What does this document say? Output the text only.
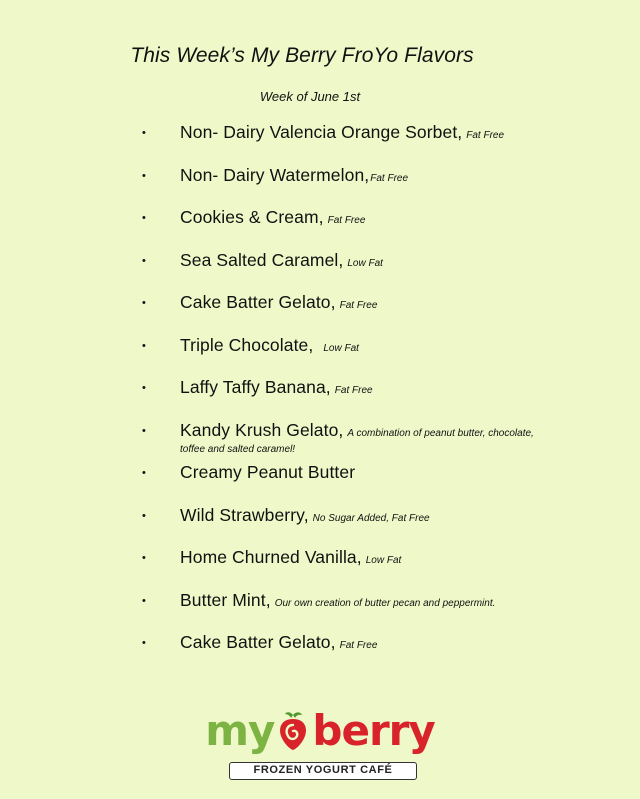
This Week’s My Berry FroYo Flavors
Week of June 1st
• Non- Dairy Valencia Orange Sorbet, Fat Free
• Non- Dairy Watermelon,Fat Free
• Cookies & Cream, Fat Free
• Sea Salted Caramel, Low Fat
• Cake Batter Gelato, Fat Free
• Triple Chocolate, Low Fat
• Laffy Taffy Banana, Fat Free
• Kandy Krush Gelato, A combination of peanut butter, chocolate,
toffee and salted caramel!
• Creamy Peanut Butter
• Wild Strawberry, No Sugar Added, Fat Free
• Home Churned Vanilla, Low Fat
• Butter Mint, Our own creation of butter pecan and peppermint.
• Cake Batter Gelato, Fat Free
my berry
FROZEN YOGURT CAFÉ
